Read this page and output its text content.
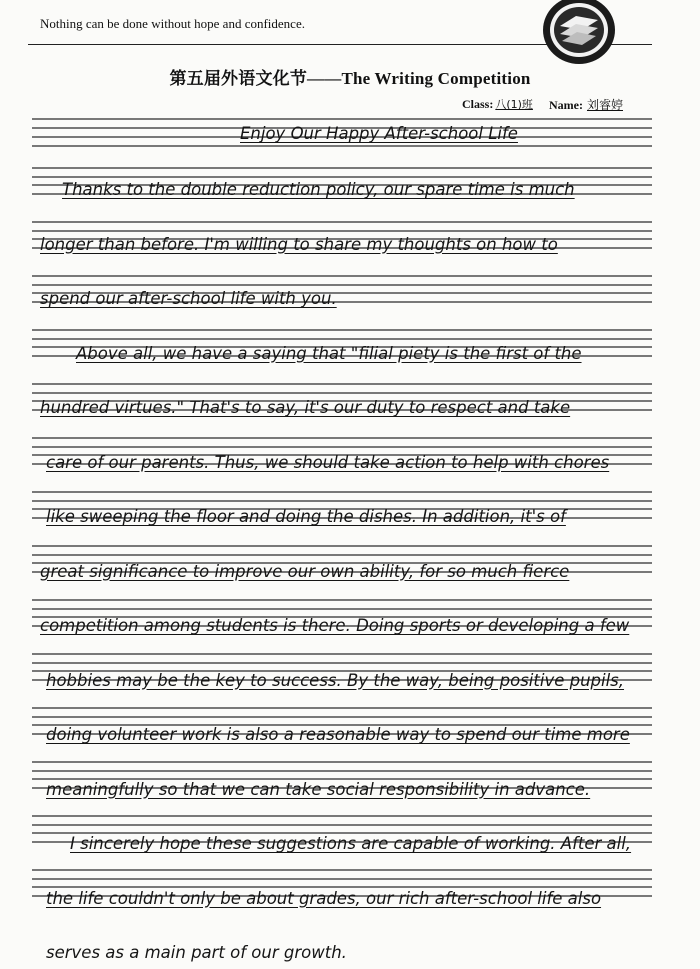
Nothing can be done without hope and confidence.
第五届外语文化节——The Writing Competition
Class: 八(1)班 Name: 刘睿婷
Enjoy Our Happy After-school Life
Thanks to the double reduction policy, our spare time is much
longer than before. I'm willing to share my thoughts on how to
spend our after-school life with you.
Above all, we have a saying that "filial piety is the first of the
hundred virtues." That's to say, it's our duty to respect and take
care of our parents. Thus, we should take action to help with chores
like sweeping the floor and doing the dishes. In addition, it's of
great significance to improve our own ability, for so much fierce
competition among students is there. Doing sports or developing a few
hobbies may be the key to success. By the way, being positive pupils,
doing volunteer work is also a reasonable way to spend our time more
meaningfully so that we can take social responsibility in advance.
I sincerely hope these suggestions are capable of working. After all,
the life couldn't only be about grades, our rich after-school life also
serves as a main part of our growth.
